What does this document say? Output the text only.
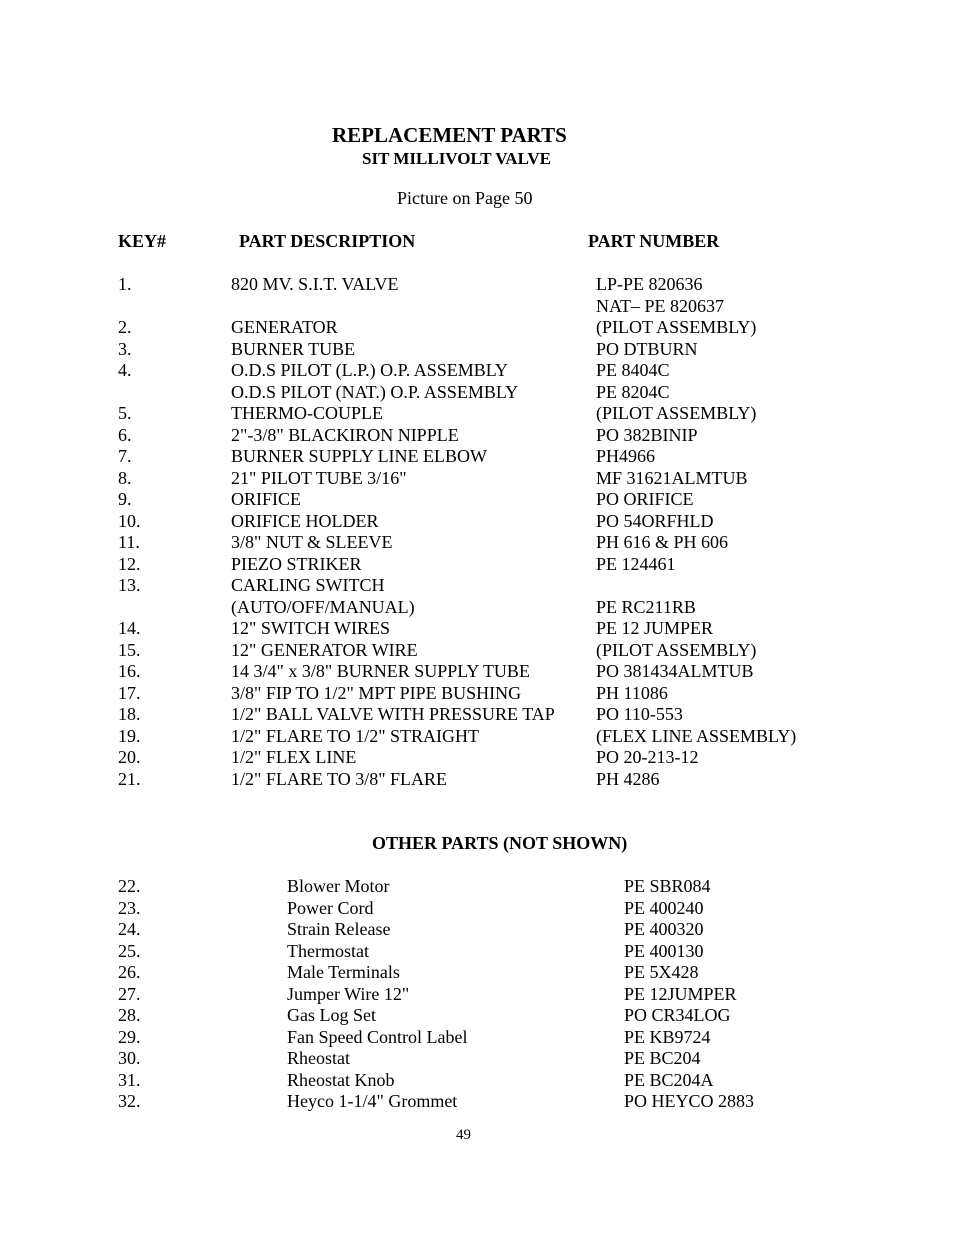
REPLACEMENT PARTS
SIT MILLIVOLT VALVE
Picture on Page 50
KEY#	PART DESCRIPTION	PART NUMBER
1.	820 MV. S.I.T. VALVE	LP-PE 820636
NAT– PE 820637
2.	GENERATOR	(PILOT ASSEMBLY)
3.	BURNER TUBE	PO DTBURN
4.	O.D.S PILOT (L.P.) O.P. ASSEMBLY	PE 8404C
O.D.S PILOT (NAT.) O.P. ASSEMBLY	PE 8204C
5.	THERMO-COUPLE	(PILOT ASSEMBLY)
6.	2"-3/8" BLACKIRON NIPPLE	PO 382BINIP
7.	BURNER SUPPLY LINE ELBOW	PH4966
8.	21" PILOT TUBE 3/16"	MF 31621ALMTUB
9.	ORIFICE	PO ORIFICE
10.	ORIFICE HOLDER	PO 54ORFHLD
11.	3/8" NUT & SLEEVE	PH 616 & PH 606
12.	PIEZO STRIKER	PE 124461
13.	CARLING SWITCH
(AUTO/OFF/MANUAL)	PE RC211RB
14.	12" SWITCH WIRES	PE 12 JUMPER
15.	12" GENERATOR WIRE	(PILOT ASSEMBLY)
16.	14 3/4" x 3/8" BURNER SUPPLY TUBE	PO 381434ALMTUB
17.	3/8" FIP TO 1/2" MPT PIPE BUSHING	PH 11086
18.	1/2" BALL VALVE WITH PRESSURE TAP PO 110-553
19.	1/2" FLARE TO 1/2" STRAIGHT	(FLEX LINE ASSEMBLY)
20.	1/2" FLEX LINE	PO 20-213-12
21.	1/2" FLARE TO 3/8" FLARE	PH 4286
OTHER PARTS (NOT SHOWN)
22.	Blower Motor	PE SBR084
23.	Power Cord	PE 400240
24.	Strain Release	PE 400320
25.	Thermostat	PE 400130
26.	Male Terminals	PE 5X428
27.	Jumper Wire 12"	PE 12JUMPER
28.	Gas Log Set	PO CR34LOG
29.	Fan Speed Control Label	PE KB9724
30.	Rheostat	PE BC204
31.	Rheostat Knob	PE BC204A
32.	Heyco 1-1/4" Grommet	PO HEYCO 2883
49
